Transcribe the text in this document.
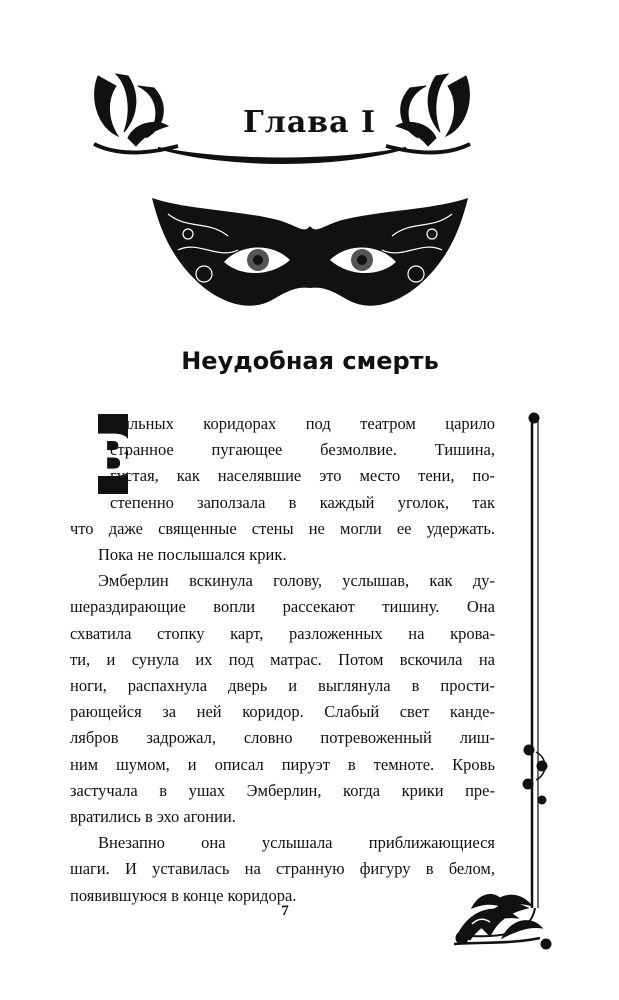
Глава I
Неудобная смерть
В
пыльных коридорах под театром царило
странное пугающее безмолвие. Тишина,
густая, как населявшие это место тени, по-
степенно заползала в каждый уголок, так
что даже священные стены не могли ее удержать.
Пока не послышался крик.
Эмберлин вскинула голову, услышав, как ду-
шераздирающие вопли рассекают тишину. Она
схватила стопку карт, разложенных на крова-
ти, и сунула их под матрас. Потом вскочила на
ноги, распахнула дверь и выглянула в прости-
рающейся за ней коридор. Слабый свет канде-
лябров задрожал, словно потревоженный лиш-
ним шумом, и описал пируэт в темноте. Кровь
застучала в ушах Эмберлин, когда крики пре-
вратились в эхо агонии.
Внезапно она услышала приближающиеся
шаги. И уставилась на странную фигуру в белом,
появившуюся в конце коридора.
7
